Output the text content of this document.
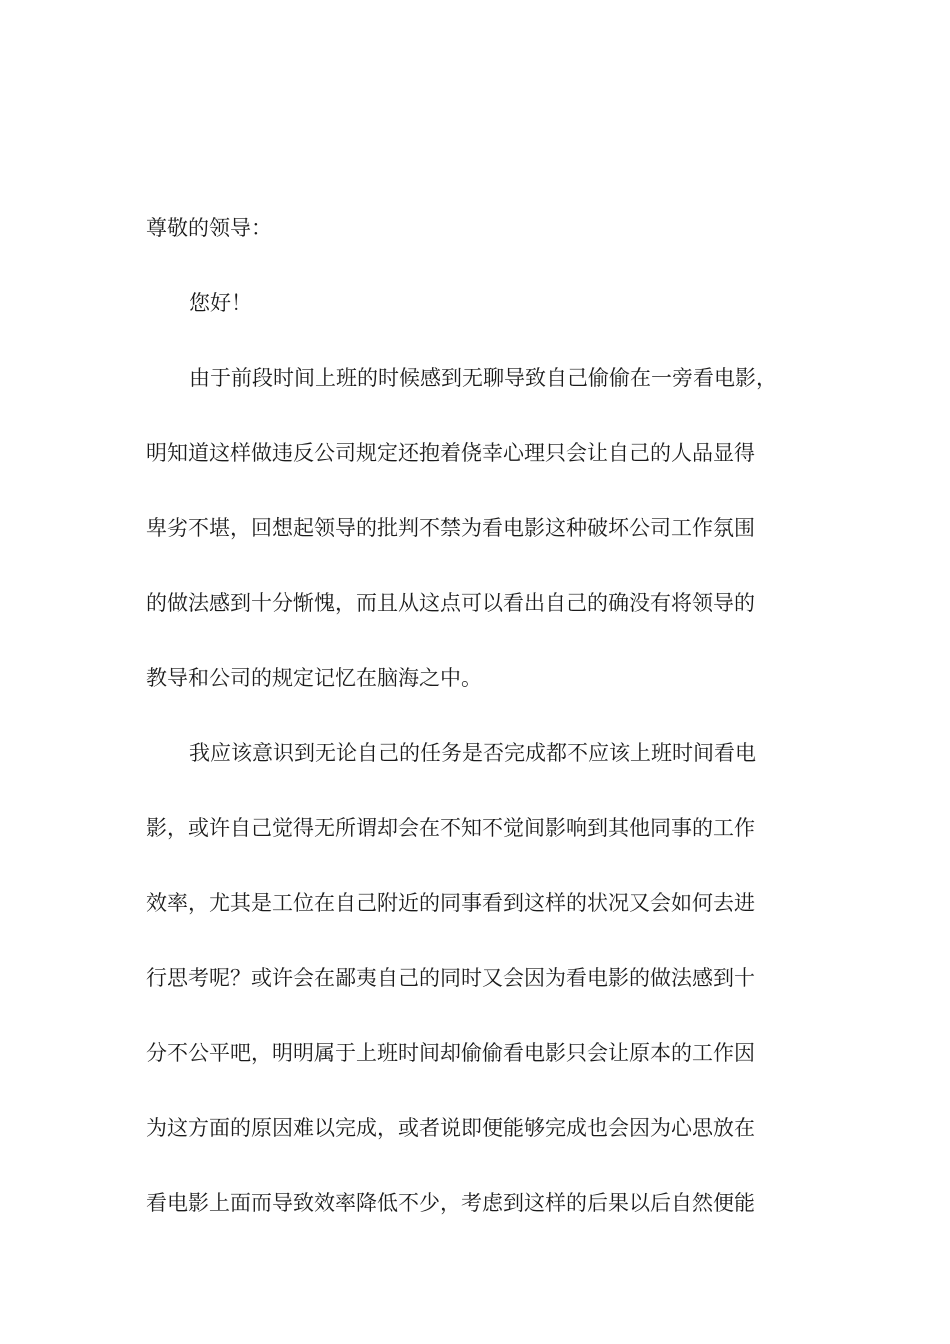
尊敬的领导：
您好！
由于前段时间上班的时候感到无聊导致自己偷偷在一旁看电影，
明知道这样做违反公司规定还抱着侥幸心理只会让自己的人品显得
卑劣不堪，回想起领导的批判不禁为看电影这种破坏公司工作氛围
的做法感到十分惭愧，而且从这点可以看出自己的确没有将领导的
教导和公司的规定记忆在脑海之中。
我应该意识到无论自己的任务是否完成都不应该上班时间看电
影，或许自己觉得无所谓却会在不知不觉间影响到其他同事的工作
效率，尤其是工位在自己附近的同事看到这样的状况又会如何去进
行思考呢？或许会在鄙夷自己的同时又会因为看电影的做法感到十
分不公平吧，明明属于上班时间却偷偷看电影只会让原本的工作因
为这方面的原因难以完成，或者说即便能够完成也会因为心思放在
看电影上面而导致效率降低不少，考虑到这样的后果以后自然便能
